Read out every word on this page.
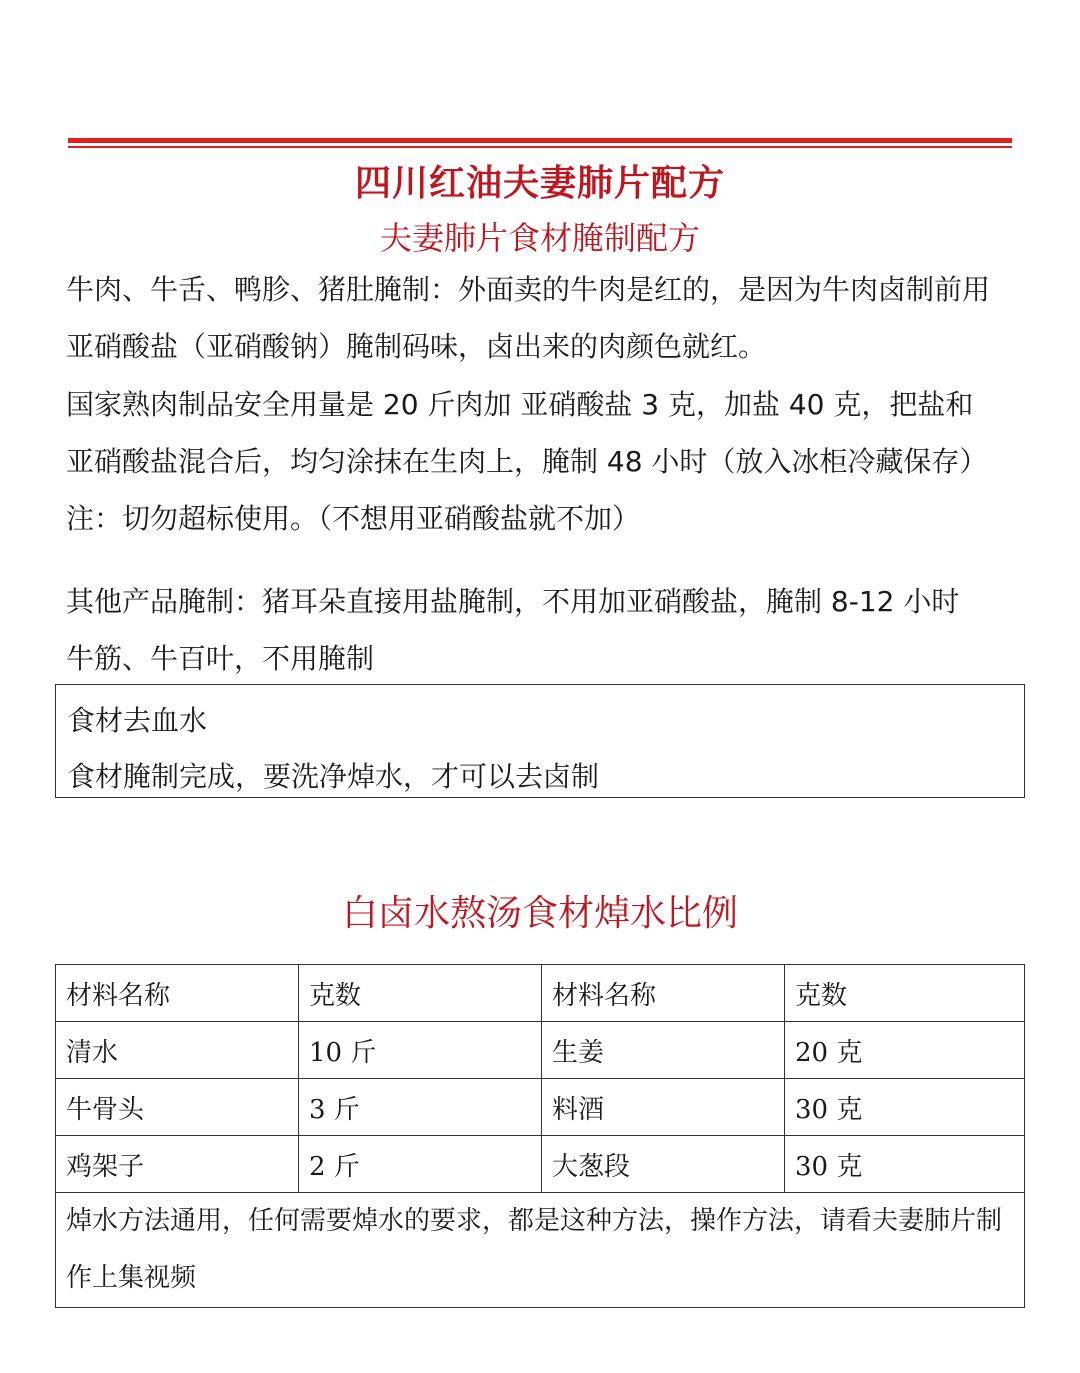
四川红油夫妻肺片配方
夫妻肺片食材腌制配方
牛肉、牛舌、鸭胗、猪肚腌制：外面卖的牛肉是红的，是因为牛肉卤制前用
亚硝酸盐（亚硝酸钠）腌制码味，卤出来的肉颜色就红。
国家熟肉制品安全用量是 20 斤肉加 亚硝酸盐 3 克，加盐 40 克，把盐和
亚硝酸盐混合后，均匀涂抹在生肉上，腌制 48 小时（放入冰柜冷藏保存）
注：切勿超标使用。（不想用亚硝酸盐就不加）
其他产品腌制：猪耳朵直接用盐腌制，不用加亚硝酸盐，腌制 8-12 小时
牛筋、牛百叶，不用腌制
食材去血水
食材腌制完成，要洗净焯水，才可以去卤制
白卤水熬汤食材焯水比例
材料名称	克数	材料名称	克数
清水	10 斤	生姜	20 克
牛骨头	3 斤	料酒	30 克
鸡架子	2 斤	大葱段	30 克
焯水方法通用，任何需要焯水的要求，都是这种方法，操作方法，请看夫妻肺片制作上集视频			
